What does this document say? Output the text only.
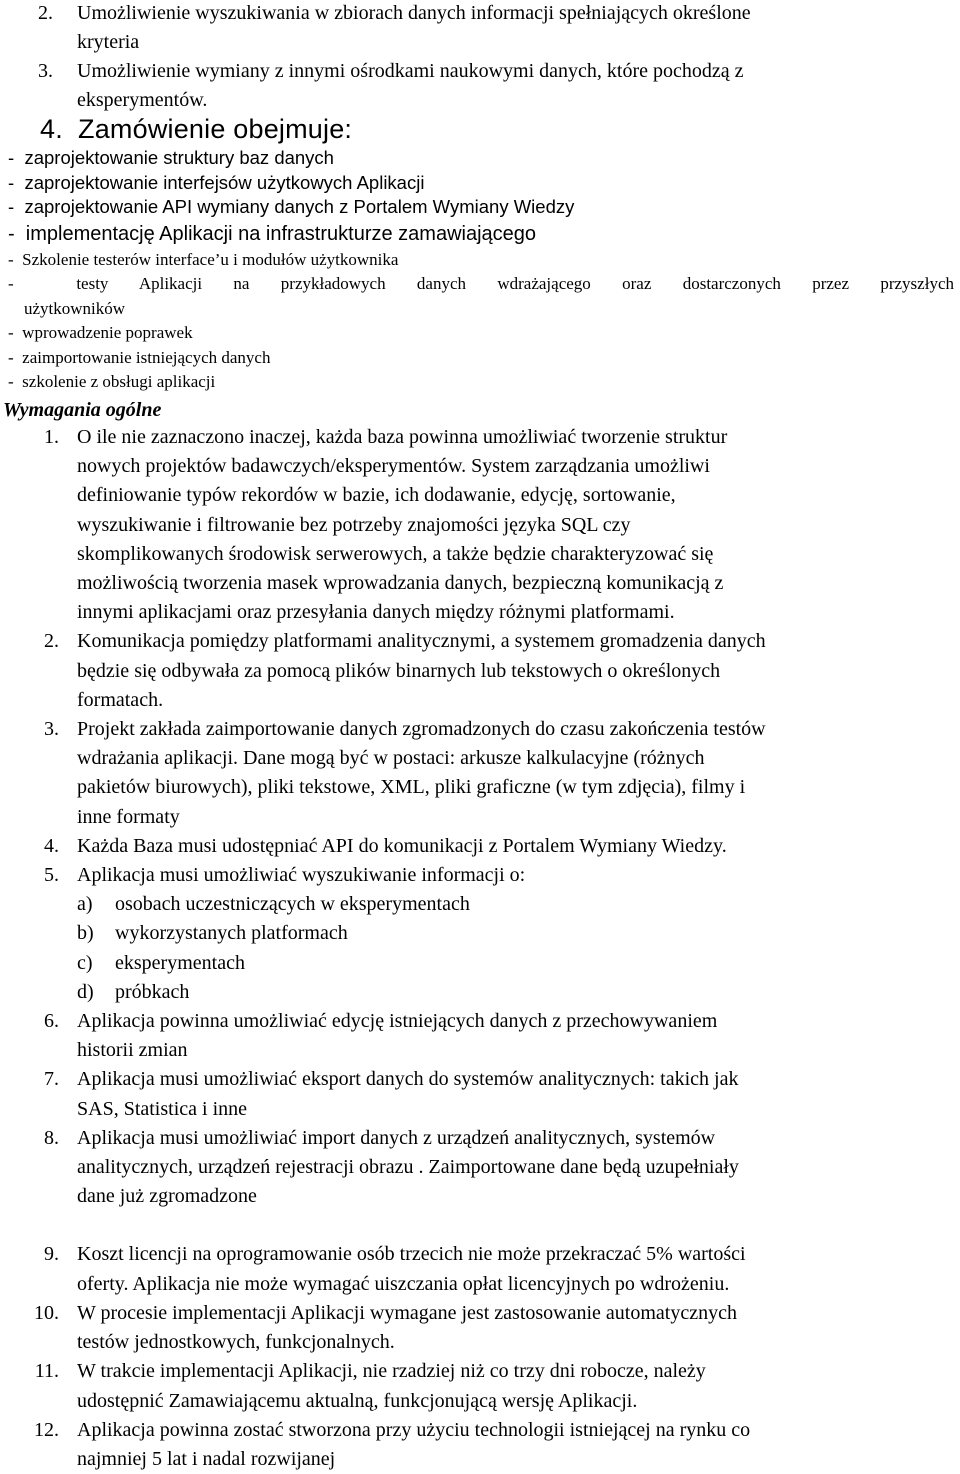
2. Umożliwienie wyszukiwania w zbiorach danych informacji spełniających określone
kryteria
3. Umożliwienie wymiany z innymi ośrodkami naukowymi danych, które pochodzą z
eksperymentów.
4. Zamówienie obejmuje:
-  zaprojektowanie struktury baz danych
-  zaprojektowanie interfejsów użytkowych Aplikacji
-  zaprojektowanie API wymiany danych z Portalem Wymiany Wiedzy
-  implementację Aplikacji na infrastrukturze zamawiającego
-  Szkolenie testerów interface’u i modułów użytkownika
-  testy Aplikacji na przykładowych danych wdrażającego oraz dostarczonych przez przyszłych
użytkowników
-  wprowadzenie poprawek
-  zaimportowanie istniejących danych
-  szkolenie z obsługi aplikacji
Wymagania ogólne
1. O ile nie zaznaczono inaczej, każda baza powinna umożliwiać tworzenie struktur
nowych projektów badawczych/eksperymentów. System zarządzania umożliwi
definiowanie typów rekordów w bazie, ich dodawanie, edycję, sortowanie,
wyszukiwanie i filtrowanie bez potrzeby znajomości języka SQL czy
skomplikowanych środowisk serwerowych, a także będzie charakteryzować się
możliwością tworzenia masek wprowadzania danych, bezpieczną komunikacją z
innymi aplikacjami oraz przesyłania danych między różnymi platformami.
2. Komunikacja pomiędzy platformami analitycznymi, a systemem gromadzenia danych
będzie się odbywała za pomocą plików binarnych lub tekstowych o określonych
formatach.
3. Projekt zakłada zaimportowanie danych zgromadzonych do czasu zakończenia testów
wdrażania aplikacji. Dane mogą być w postaci: arkusze kalkulacyjne (różnych
pakietów biurowych), pliki tekstowe, XML, pliki graficzne (w tym zdjęcia), filmy i
inne formaty
4. Każda Baza musi udostępniać API do komunikacji z Portalem Wymiany Wiedzy.
5. Aplikacja musi umożliwiać wyszukiwanie informacji o:
a) osobach uczestniczących w eksperymentach
b) wykorzystanych platformach
c) eksperymentach
d) próbkach
6. Aplikacja powinna umożliwiać edycję istniejących danych z przechowywaniem
historii zmian
7. Aplikacja musi umożliwiać eksport danych do systemów analitycznych: takich jak
SAS, Statistica i inne
8. Aplikacja musi umożliwiać import danych z urządzeń analitycznych, systemów
analitycznych, urządzeń rejestracji obrazu . Zaimportowane dane będą uzupełniały
dane już zgromadzone
9. Koszt licencji na oprogramowanie osób trzecich nie może przekraczać 5% wartości
oferty. Aplikacja nie może wymagać uiszczania opłat licencyjnych po wdrożeniu.
10. W procesie implementacji Aplikacji wymagane jest zastosowanie automatycznych
testów jednostkowych, funkcjonalnych.
11. W trakcie implementacji Aplikacji, nie rzadziej niż co trzy dni robocze, należy
udostępnić Zamawiającemu aktualną, funkcjonującą wersję Aplikacji.
12. Aplikacja powinna zostać stworzona przy użyciu technologii istniejącej na rynku co
najmniej 5 lat i nadal rozwijanej
